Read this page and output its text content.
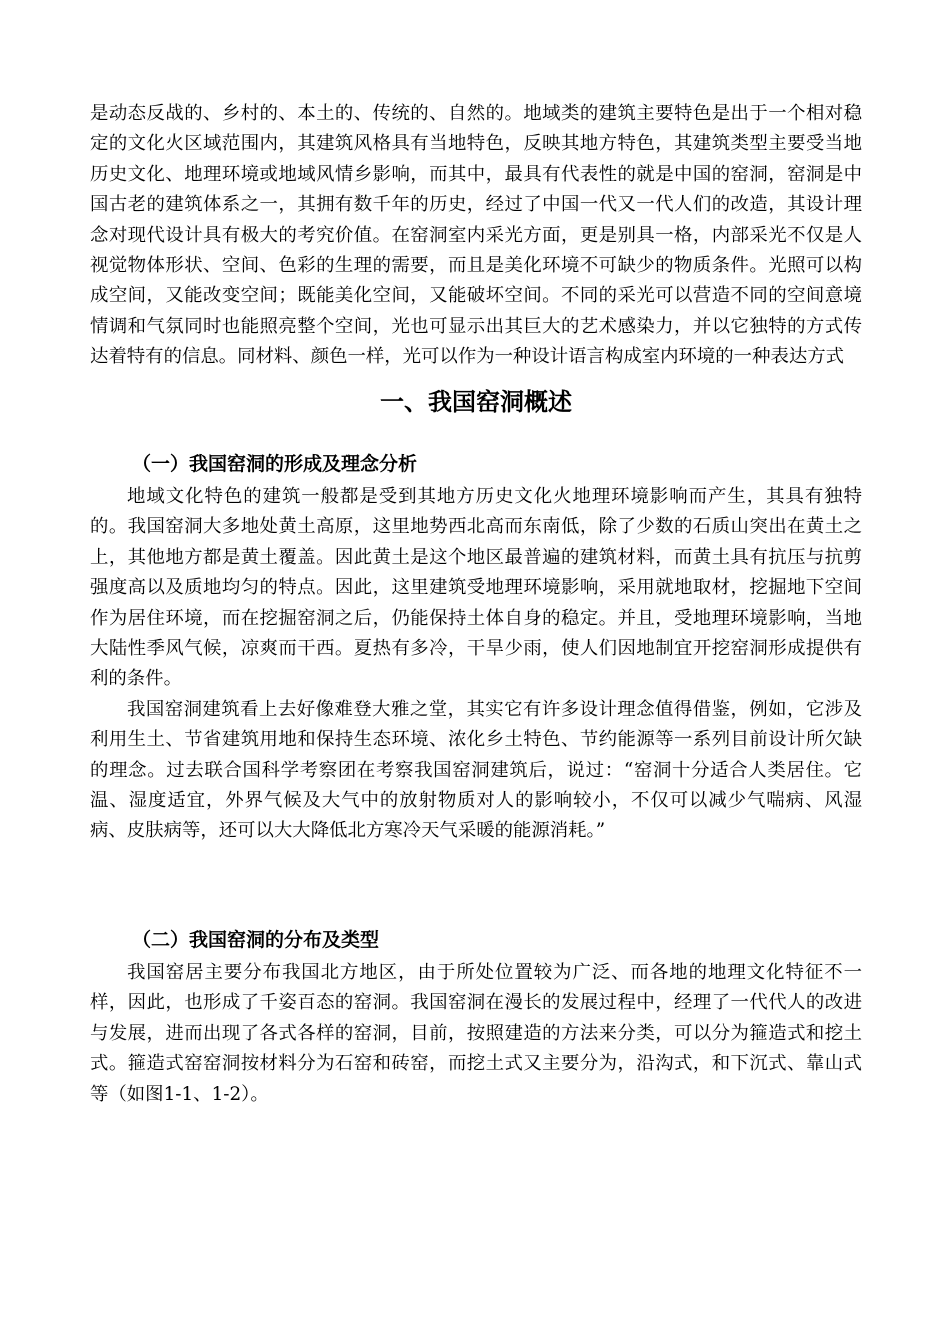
是动态反战的、乡村的、本土的、传统的、自然的。地域类的建筑主要特色是出于一个相对稳定的文化火区域范围内，其建筑风格具有当地特色，反映其地方特色，其建筑类型主要受当地历史文化、地理环境或地域风情乡影响，而其中，最具有代表性的就是中国的窑洞，窑洞是中国古老的建筑体系之一，其拥有数千年的历史，经过了中国一代又一代人们的改造，其设计理念对现代设计具有极大的考究价值。在窑洞室内采光方面，更是别具一格，内部采光不仅是人视觉物体形状、空间、色彩的生理的需要，而且是美化环境不可缺少的物质条件。光照可以构成空间，又能改变空间；既能美化空间，又能破坏空间。不同的采光可以营造不同的空间意境情调和气氛同时也能照亮整个空间，光也可显示出其巨大的艺术感染力，并以它独特的方式传达着特有的信息。同材料、颜色一样，光可以作为一种设计语言构成室内环境的一种表达方式

一、我国窑洞概述
（一）我国窑洞的形成及理念分析

地域文化特色的建筑一般都是受到其地方历史文化火地理环境影响而产生，其具有独特的。我国窑洞大多地处黄土高原，这里地势西北高而东南低，除了少数的石质山突出在黄土之上，其他地方都是黄土覆盖。因此黄土是这个地区最普遍的建筑材料，而黄土具有抗压与抗剪强度高以及质地均匀的特点。因此，这里建筑受地理环境影响，采用就地取材，挖掘地下空间作为居住环境，而在挖掘窑洞之后，仍能保持土体自身的稳定。并且，受地理环境影响，当地大陆性季风气候，凉爽而干西。夏热有多冷，干旱少雨，使人们因地制宜开挖窑洞形成提供有利的条件。

我国窑洞建筑看上去好像难登大雅之堂，其实它有许多设计理念值得借鉴，例如，它涉及利用生土、节省建筑用地和保持生态环境、浓化乡土特色、节约能源等一系列目前设计所欠缺的理念。过去联合国科学考察团在考察我国窑洞建筑后，说过：“窑洞十分适合人类居住。它温、湿度适宜，外界气候及大气中的放射物质对人的影响较小，不仅可以减少气喘病、风湿病、皮肤病等，还可以大大降低北方寒冷天气采暖的能源消耗。”

（二）我国窑洞的分布及类型

我国窑居主要分布我国北方地区，由于所处位置较为广泛、而各地的地理文化特征不一样，因此，也形成了千姿百态的窑洞。我国窑洞在漫长的发展过程中，经理了一代代人的改进与发展，进而出现了各式各样的窑洞，目前，按照建造的方法来分类，可以分为箍造式和挖土式。箍造式窑窑洞按材料分为石窑和砖窑，而挖土式又主要分为，沿沟式，和下沉式、靠山式等（如图1-1、1-2）。
